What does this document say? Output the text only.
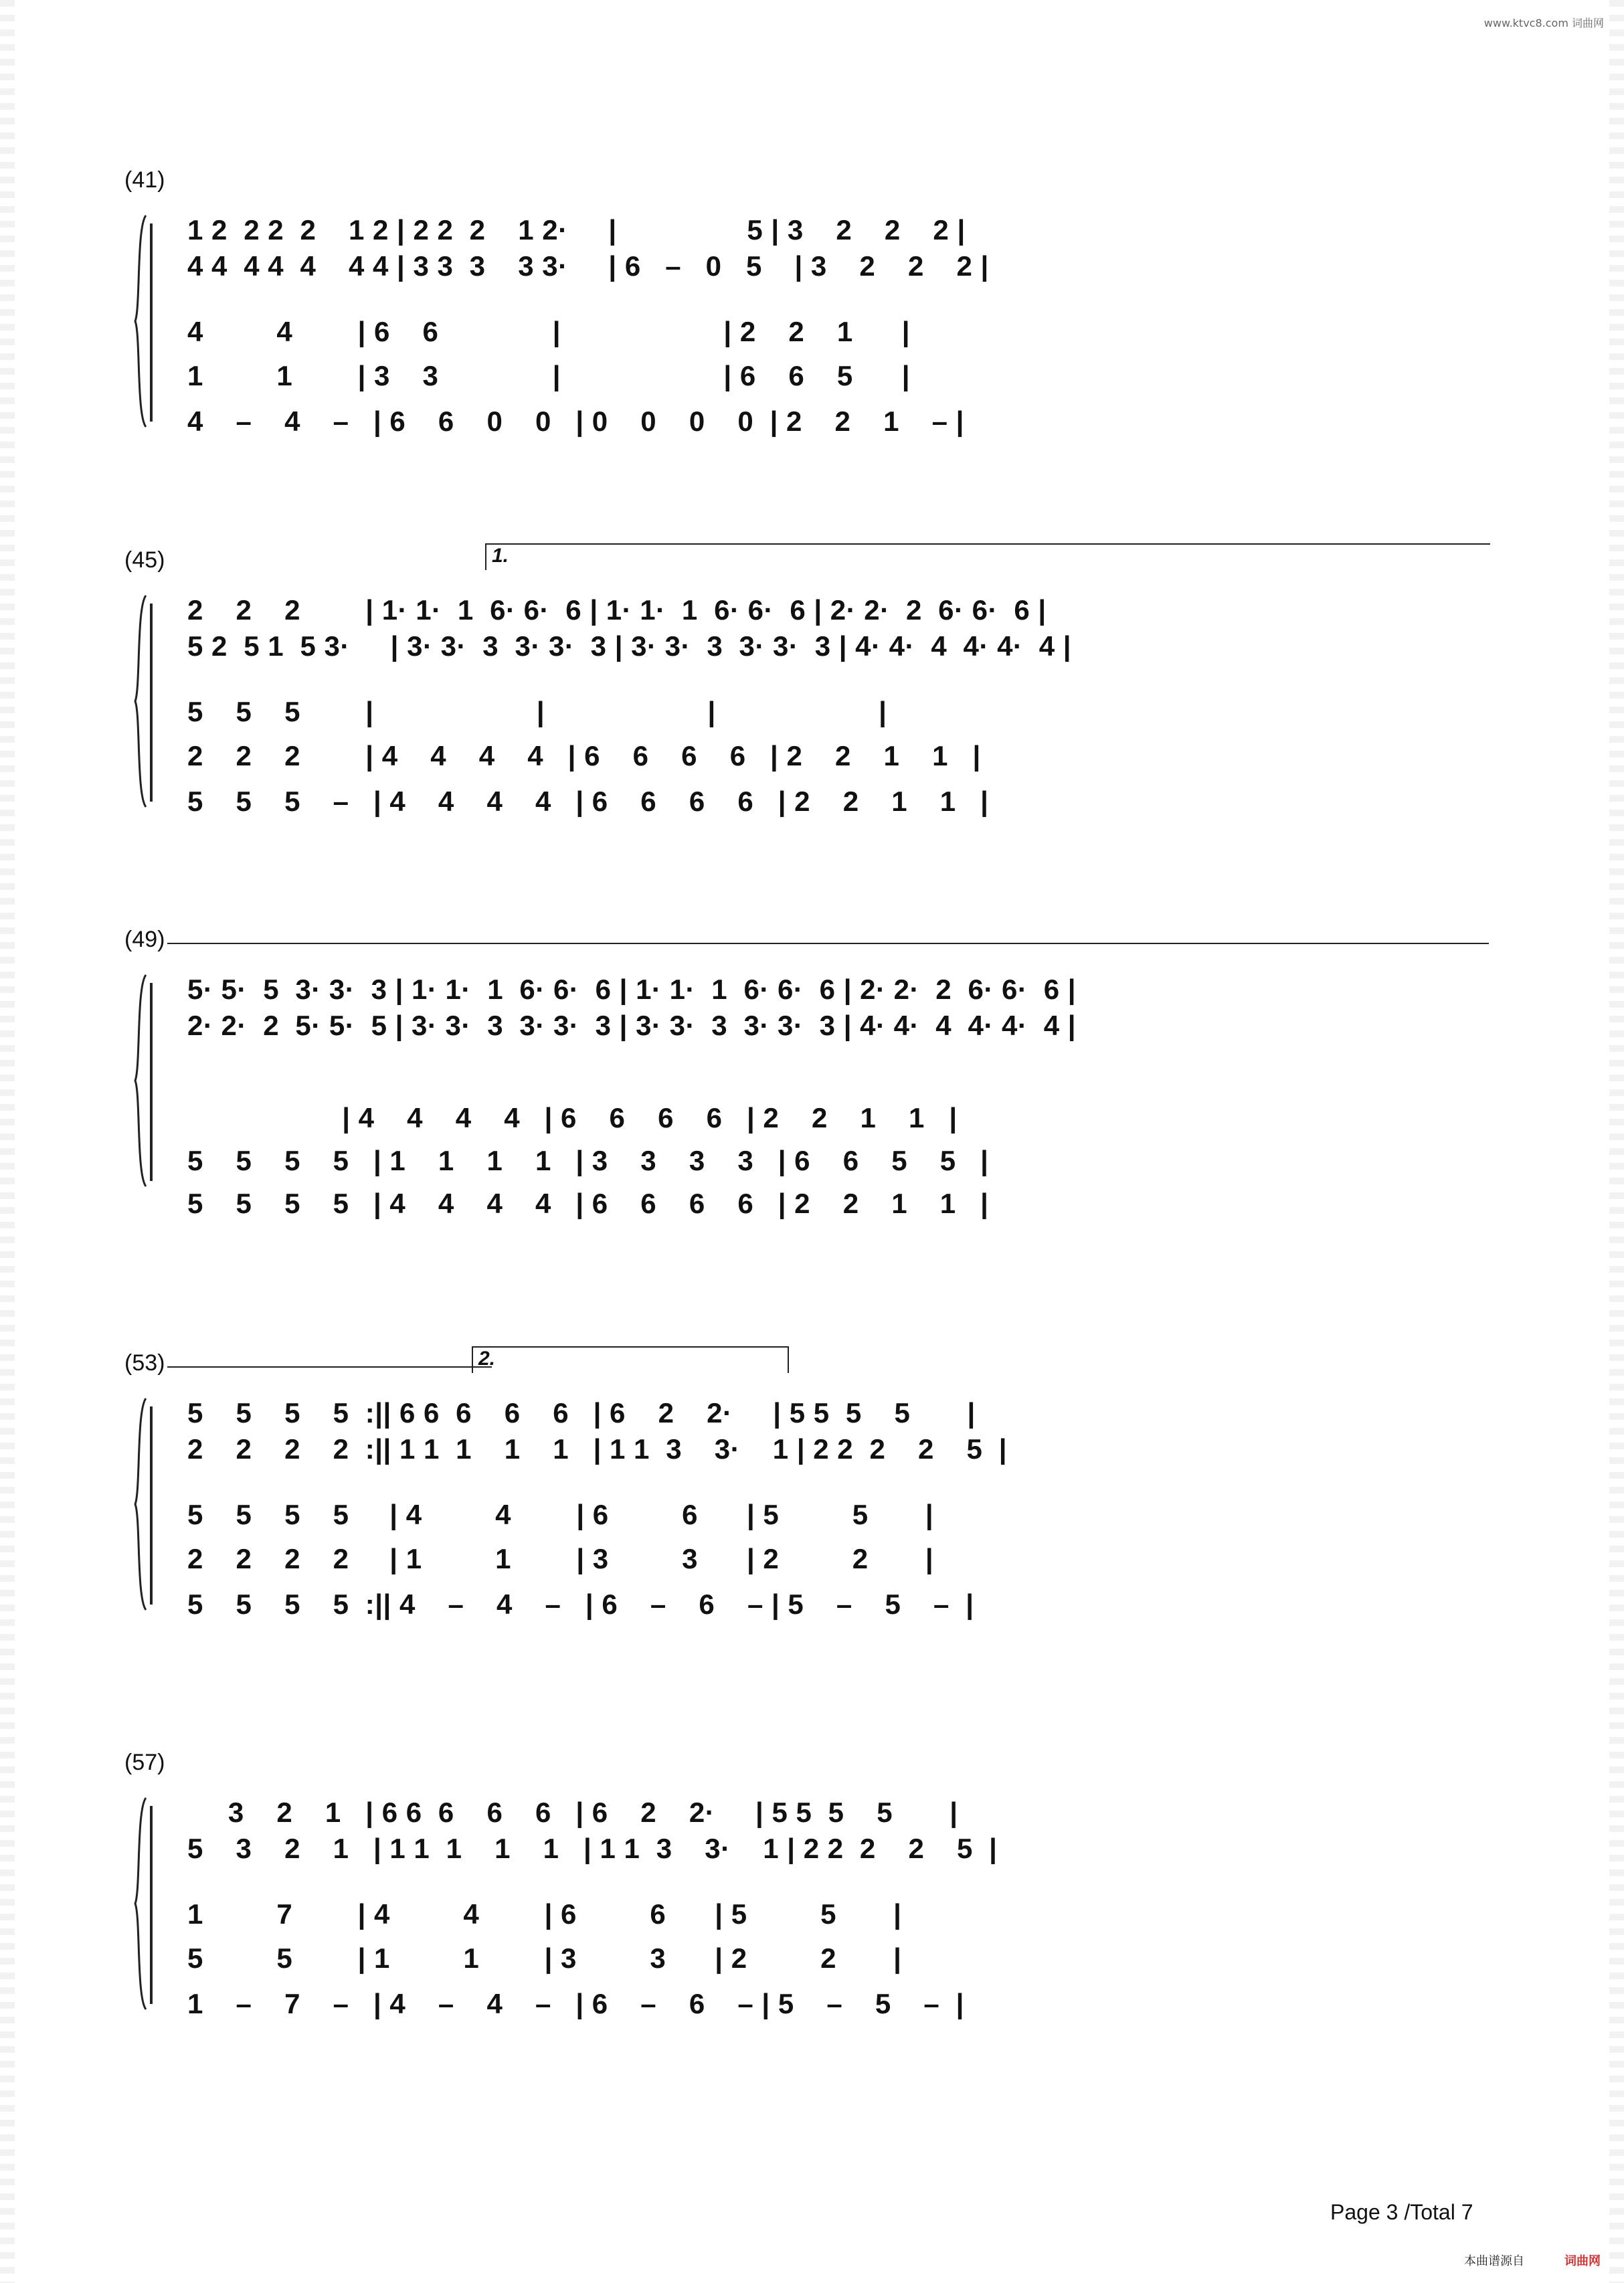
www.ktvc8.com 词曲网
(41)
1 2  2 2  2    1 2 | 2 2  2    1 2·     |                5 | 3    2    2    2 |
4 4  4 4  4    4 4 | 3 3  3    3 3·     | 6   –   0   5    | 3    2    2    2 |
4         4        | 6    6              |                    | 2    2    1      |
1         1        | 3    3              |                    | 6    6    5      |
4    –    4    –   | 6    6    0    0   | 0    0    0    0  | 2    2    1    – |
(45)	1.
2    2    2        | 1· 1·  1  6· 6·  6 | 1· 1·  1  6· 6·  6 | 2· 2·  2  6· 6·  6 |
5 2  5 1  5 3·     | 3· 3·  3  3· 3·  3 | 3· 3·  3  3· 3·  3 | 4· 4·  4  4· 4·  4 |
5    5    5        |                    |                    |                    |
2    2    2        | 4    4    4    4   | 6    6    6    6   | 2    2    1    1   |
5    5    5    –   | 4    4    4    4   | 6    6    6    6   | 2    2    1    1   |
(49)
5· 5·  5  3· 3·  3 | 1· 1·  1  6· 6·  6 | 1· 1·  1  6· 6·  6 | 2· 2·  2  6· 6·  6 |
2· 2·  2  5· 5·  5 | 3· 3·  3  3· 3·  3 | 3· 3·  3  3· 3·  3 | 4· 4·  4  4· 4·  4 |
| 4    4    4    4   | 6    6    6    6   | 2    2    1    1   |
5    5    5    5   | 1    1    1    1   | 3    3    3    3   | 6    6    5    5   |
5    5    5    5   | 4    4    4    4   | 6    6    6    6   | 2    2    1    1   |
(53)	2.
5    5    5    5  :|| 6 6  6    6    6   | 6    2    2·     | 5 5  5    5       |
2    2    2    2  :|| 1 1  1    1    1   | 1 1  3    3·    1 | 2 2  2    2    5  |
5    5    5    5     | 4         4        | 6         6      | 5         5       |
2    2    2    2     | 1         1        | 3         3      | 2         2       |
5    5    5    5  :|| 4    –    4    –   | 6    –    6    – | 5    –    5    –  |
(57)
3    2    1   | 6 6  6    6    6   | 6    2    2·     | 5 5  5    5       |
5    3    2    1   | 1 1  1    1    1   | 1 1  3    3·    1 | 2 2  2    2    5  |
1         7        | 4         4        | 6         6      | 5         5       |
5         5        | 1         1        | 3         3      | 2         2       |
1    –    7    –   | 4    –    4    –   | 6    –    6    – | 5    –    5    –  |
Page 3 /Total 7
本曲谱源自	词曲网
